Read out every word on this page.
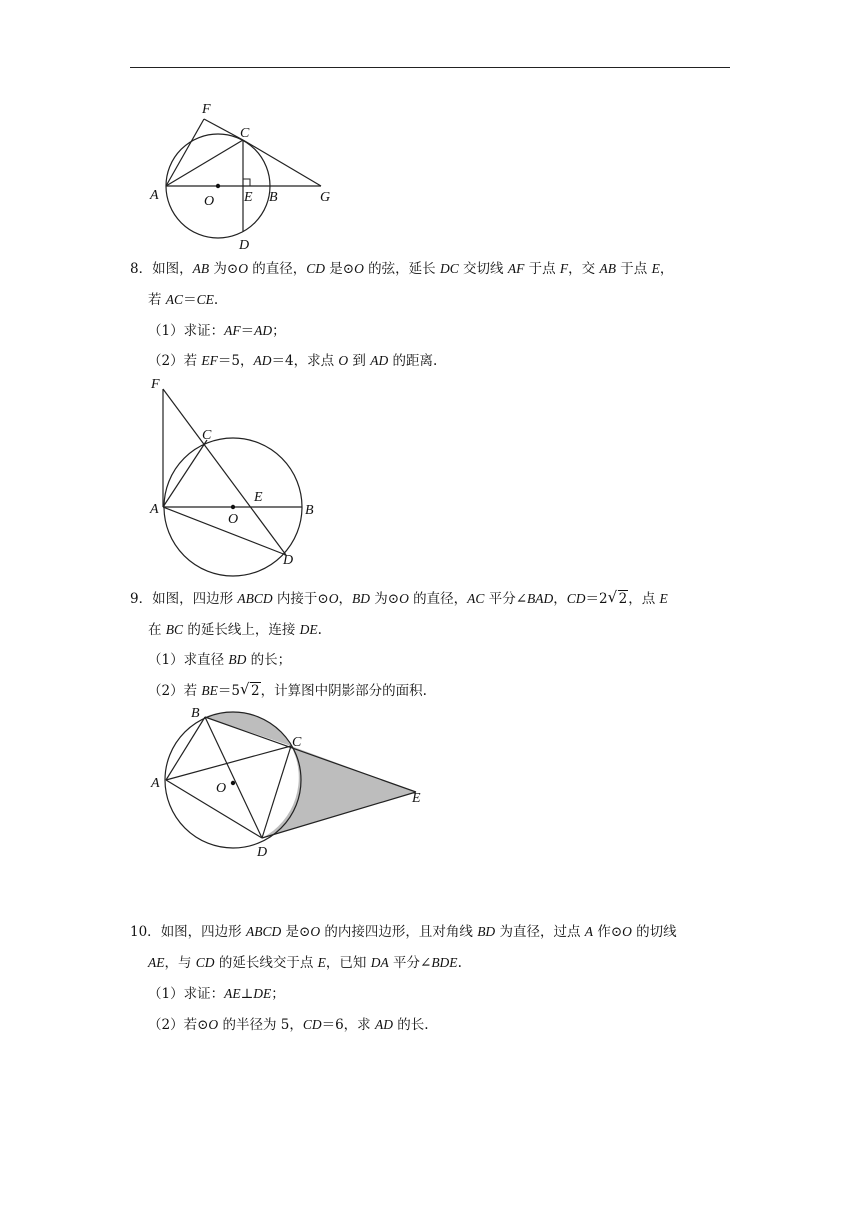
F
C
A	O E B	G
D
8．如图，AB 为⊙O 的直径，CD 是⊙O 的弦，延长 DC 交切线 AF 于点 F，交 AB 于点 E，
若 AC＝CE.
（1）求证：AF＝AD；
（2）若 EF＝5，AD＝4，求点 O 到 AD 的距离.
F
C
A
O
E
B
D
9．如图，四边形 ABCD 内接于⊙O，BD 为⊙O 的直径，AC 平分∠BAD，CD＝2 √ 2，点 E
在 BC 的延长线上，连接 DE.
（1）求直径 BD 的长；
（2）若 BE＝5 √ 2，计算图中阴影部分的面积.
B
C
A	O
E
D
10．如图，四边形 ABCD 是⊙O 的内接四边形，且对角线 BD 为直径，过点 A 作⊙O 的切线
AE，与 CD 的延长线交于点 E，已知 DA 平分∠BDE.
（1）求证：AE⊥DE；
（2）若⊙O 的半径为 5，CD＝6，求 AD 的长.
